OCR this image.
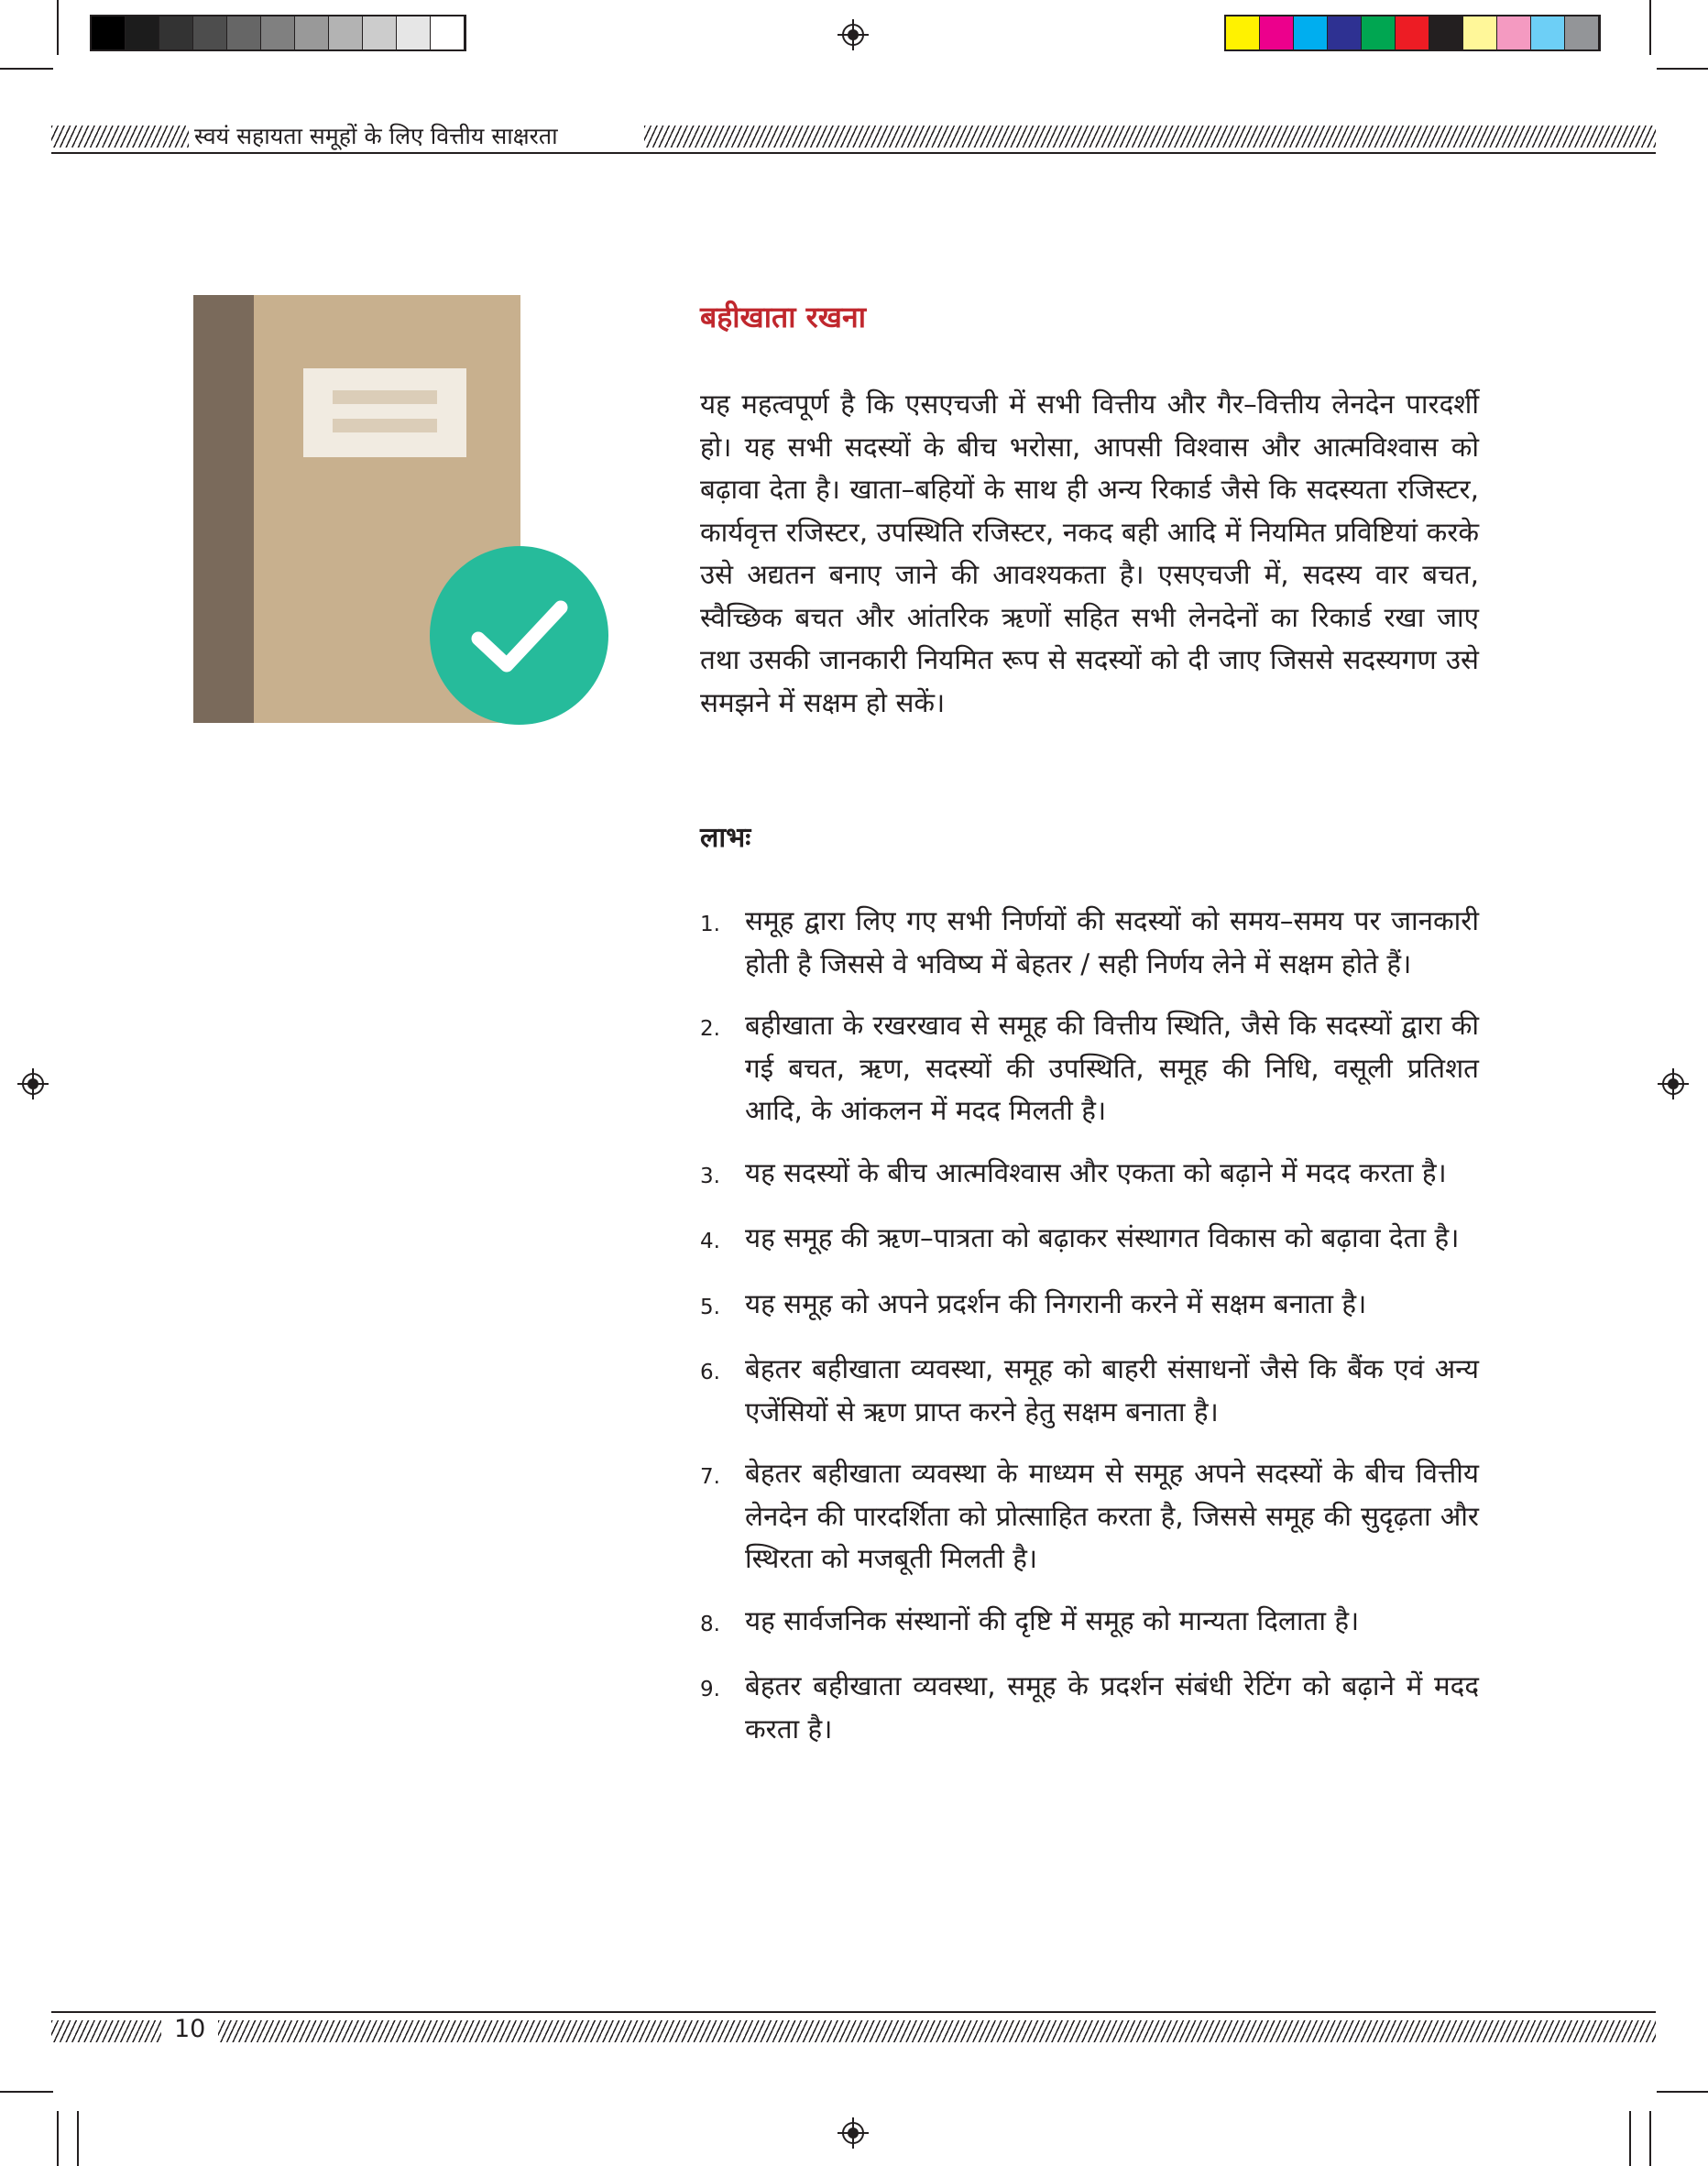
स्वयं सहायता समूहों के लिए वित्तीय साक्षरता
बहीखाता रखना

यह महत्वपूर्ण है कि एसएचजी में सभी वित्तीय और गैर–वित्तीय लेनदेन पारदर्शी हो। यह सभी सदस्यों के बीच भरोसा, आपसी विश्वास और आत्मविश्वास को बढ़ावा देता है। खाता–बहियों के साथ ही अन्य रिकार्ड जैसे कि सदस्यता रजिस्टर, कार्यवृत्त रजिस्टर, उपस्थिति रजिस्टर, नकद बही आदि में नियमित प्रविष्टियां करके उसे अद्यतन बनाए जाने की आवश्यकता है। एसएचजी में, सदस्य वार बचत, स्वैच्छिक बचत और आंतरिक ऋणों सहित सभी लेनदेनों का रिकार्ड रखा जाए तथा उसकी जानकारी नियमित रूप से सदस्यों को दी जाए जिससे सदस्यगण उसे समझने में सक्षम हो सकें।

लाभः
1. समूह द्वारा लिए गए सभी निर्णयों की सदस्यों को समय–समय पर जानकारी होती है जिससे वे भविष्य में बेहतर / सही निर्णय लेने में सक्षम होते हैं।
2. बहीखाता के रखरखाव से समूह की वित्तीय स्थिति, जैसे कि सदस्यों द्वारा की गई बचत, ऋण, सदस्यों की उपस्थिति, समूह की निधि, वसूली प्रतिशत आदि, के आंकलन में मदद मिलती है।
3. यह सदस्यों के बीच आत्मविश्वास और एकता को बढ़ाने में मदद करता है।
4. यह समूह की ऋण–पात्रता को बढ़ाकर संस्थागत विकास को बढ़ावा देता है।
5. यह समूह को अपने प्रदर्शन की निगरानी करने में सक्षम बनाता है।
6. बेहतर बहीखाता व्यवस्था, समूह को बाहरी संसाधनों जैसे कि बैंक एवं अन्य एजेंसियों से ऋण प्राप्त करने हेतु सक्षम बनाता है।
7. बेहतर बहीखाता व्यवस्था के माध्यम से समूह अपने सदस्यों के बीच वित्तीय लेनदेन की पारदर्शिता को प्रोत्साहित करता है, जिससे समूह की सुदृढ़ता और स्थिरता को मजबूती मिलती है।
8. यह सार्वजनिक संस्थानों की दृष्टि में समूह को मान्यता दिलाता है।
9. बेहतर बहीखाता व्यवस्था, समूह के प्रदर्शन संबंधी रेटिंग को बढ़ाने में मदद करता है।
10
